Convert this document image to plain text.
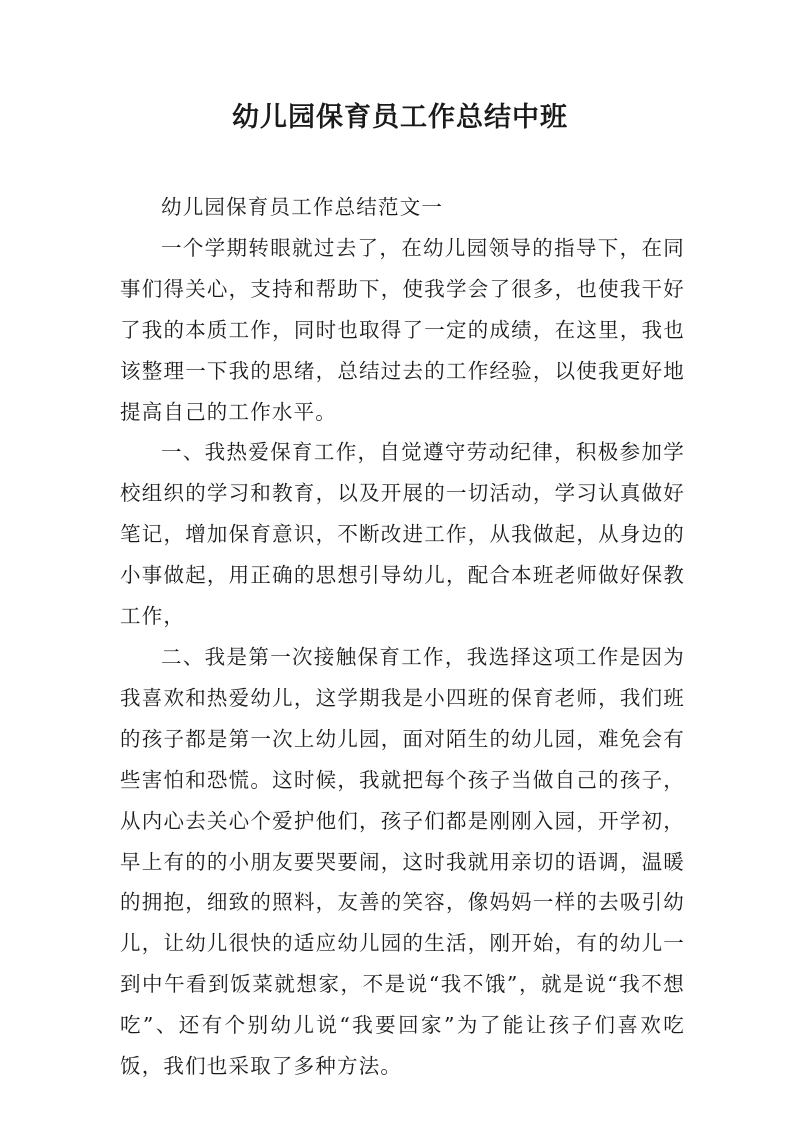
幼儿园保育员工作总结中班

幼儿园保育员工作总结范文一

一个学期转眼就过去了，在幼儿园领导的指导下，在同事们得关心，支持和帮助下，使我学会了很多，也使我干好了我的本质工作，同时也取得了一定的成绩，在这里，我也该整理一下我的思绪，总结过去的工作经验，以使我更好地提高自己的工作水平。

一、我热爱保育工作，自觉遵守劳动纪律，积极参加学校组织的学习和教育，以及开展的一切活动，学习认真做好笔记，增加保育意识，不断改进工作，从我做起，从身边的小事做起，用正确的思想引导幼儿，配合本班老师做好保教工作，

二、我是第一次接触保育工作，我选择这项工作是因为我喜欢和热爱幼儿，这学期我是小四班的保育老师，我们班的孩子都是第一次上幼儿园，面对陌生的幼儿园，难免会有些害怕和恐慌。这时候，我就把每个孩子当做自己的孩子，从内心去关心个爱护他们，孩子们都是刚刚入园，开学初，早上有的的小朋友要哭要闹，这时我就用亲切的语调，温暖的拥抱，细致的照料，友善的笑容，像妈妈一样的去吸引幼儿，让幼儿很快的适应幼儿园的生活，刚开始，有的幼儿一到中午看到饭菜就想家，不是说“我不饿”，就是说“我不想吃”、还有个别幼儿说“我要回家”为了能让孩子们喜欢吃饭，我们也采取了多种方法。
